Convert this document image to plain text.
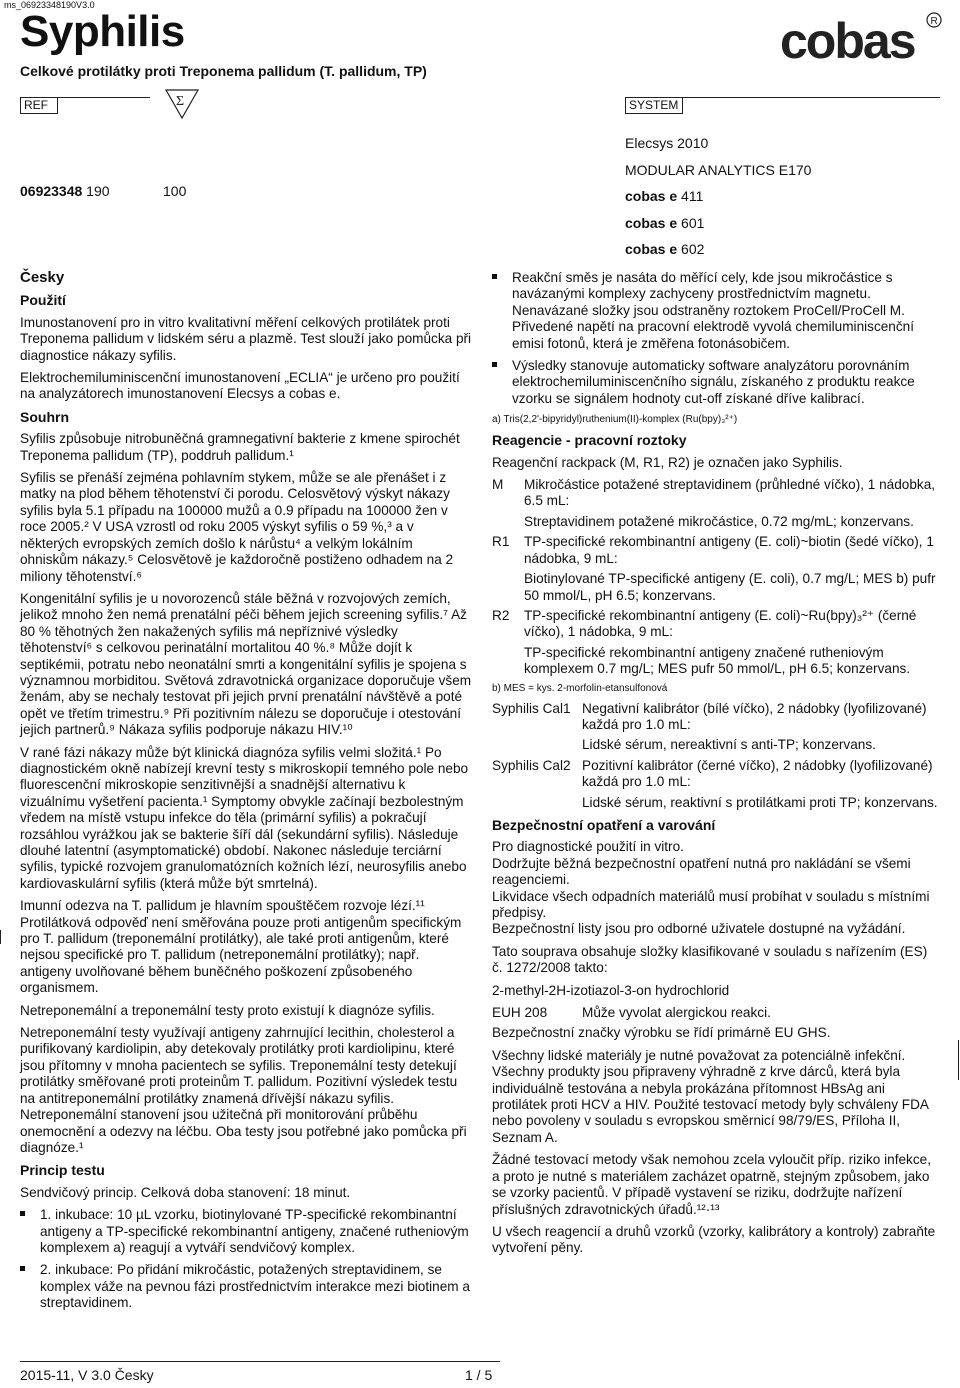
ms_06923348190V3.0
Syphilis
Celkové protilátky proti Treponema pallidum (T. pallidum, TP)
cobas R
REF	Σ	SYSTEM
06923348 190	100
Elecsys 2010
MODULAR ANALYTICS E170
cobas e 411
cobas e 601
cobas e 602

Česky

Použití

Imunostanovení pro in vitro kvalitativní měření celkových protilátek proti Treponema pallidum v lidském séru a plazmě. Test slouží jako pomůcka při diagnostice nákazy syfilis.

Elektrochemiluminiscenční imunostanovení „ECLIA“ je určeno pro použití na analyzátorech imunostanovení Elecsys a cobas e.

Souhrn

Syfilis způsobuje nitrobuněčná gramnegativní bakterie z kmene spirochét Treponema pallidum (TP), poddruh pallidum.¹

Syfilis se přenáší zejména pohlavním stykem, může se ale přenášet i z matky na plod během těhotenství či porodu. Celosvětový výskyt nákazy syfilis byla 5.1 případu na 100000 mužů a 0.9 případu na 100000 žen v roce 2005.² V USA vzrostl od roku 2005 výskyt syfilis o 59 %,³ a v některých evropských zemích došlo k nárůstu⁴ a velkým lokálním ohniskům nákazy.⁵ Celosvětově je každoročně postiženo odhadem na 2 miliony těhotenství.⁶

Kongenitální syfilis je u novorozenců stále běžná v rozvojových zemích, jelikož mnoho žen nemá prenatální péči během jejich screening syfilis.⁷ Až 80 % těhotných žen nakažených syfilis má nepříznivé výsledky těhotenství⁶ s celkovou perinatální mortalitou 40 %.⁸ Může dojít k septikémii, potratu nebo neonatální smrti a kongenitální syfilis je spojena s významnou morbiditou. Světová zdravotnická organizace doporučuje všem ženám, aby se nechaly testovat při jejich první prenatální návštěvě a poté opět ve třetím trimestru.⁹ Při pozitivním nálezu se doporučuje i otestování jejich partnerů.⁹ Nákaza syfilis podporuje nákazu HIV.¹⁰

V rané fázi nákazy může být klinická diagnóza syfilis velmi složitá.¹ Po diagnostickém okně nabízejí krevní testy s mikroskopií temného pole nebo fluorescenční mikroskopie senzitivnější a snadnější alternativu k vizuálnímu vyšetření pacienta.¹ Symptomy obvykle začínají bezbolestným vředem na místě vstupu infekce do těla (primární syfilis) a pokračují rozsáhlou vyrážkou jak se bakterie šíří dál (sekundární syfilis). Následuje dlouhé latentní (asymptomatické) období. Nakonec následuje terciární syfilis, typické rozvojem granulomatózních kožních lézí, neurosyfilis anebo kardiovaskulární syfilis (která může být smrtelná).

Imunní odezva na T. pallidum je hlavním spouštěčem rozvoje lézí.¹¹ Protilátková odpověď není směřována pouze proti antigenům specifickým pro T. pallidum (treponemální protilátky), ale také proti antigenům, které nejsou specifické pro T. pallidum (netreponemální protilátky); např. antigeny uvolňované během buněčného poškození způsobeného organismem.

Netreponemální a treponemální testy proto existují k diagnóze syfilis.

Netreponemální testy využívají antigeny zahrnující lecithin, cholesterol a purifikovaný kardiolipin, aby detekovaly protilátky proti kardiolipinu, které jsou přítomny v mnoha pacientech se syfilis. Treponemální testy detekují protilátky směřované proti proteinům T. pallidum. Pozitivní výsledek testu na antitreponemální protilátky znamená dřívější nákazu syfilis. Netreponemální stanovení jsou užitečná při monitorování průběhu onemocnění a odezvy na léčbu. Oba testy jsou potřebné jako pomůcka při diagnóze.¹

Princip testu

Sendvičový princip. Celková doba stanovení: 18 minut.

1. inkubace: 10 µL vzorku, biotinylované TP-specifické rekombinantní antigeny a TP-specifické rekombinantní antigeny, značené rutheniovým komplexem a) reagují a vytváří sendvičový komplex.
2. inkubace: Po přidání mikročástic, potažených streptavidinem, se komplex váže na pevnou fázi prostřednictvím interakce mezi biotinem a streptavidinem.
Reakční směs je nasáta do měřící cely, kde jsou mikročástice s navázanými komplexy zachyceny prostřednictvím magnetu. Nenavázané složky jsou odstraněny roztokem ProCell/ProCell M. Přivedené napětí na pracovní elektrodě vyvolá chemiluminiscenční emisi fotonů, která je změřena fotonásobičem.
Výsledky stanovuje automaticky software analyzátoru porovnáním elektrochemiluminiscenčního signálu, získaného z produktu reakce vzorku se signálem hodnoty cut-off získané dříve kalibrací.

a) Tris(2,2'-bipyridyl)ruthenium(II)-komplex (Ru(bpy)₃²⁺)

Reagencie - pracovní roztoky

Reagenční rackpack (M, R1, R2) je označen jako Syphilis.

M Mikročástice potažené streptavidinem (průhledné víčko), 1 nádobka, 6.5 mL:
Streptavidinem potažené mikročástice, 0.72 mg/mL; konzervans.
R1 TP-specifické rekombinantní antigeny (E. coli)~biotin (šedé víčko), 1 nádobka, 9 mL:
Biotinylované TP-specifické antigeny (E. coli), 0.7 mg/L; MES b) pufr 50 mmol/L, pH 6.5; konzervans.
R2 TP-specifické rekombinantní antigeny (E. coli)~Ru(bpy)₃²⁺ (černé víčko), 1 nádobka, 9 mL:
TP-specifické rekombinantní antigeny značené rutheniovým komplexem 0.7 mg/L; MES pufr 50 mmol/L, pH 6.5; konzervans.

b) MES = kys. 2-morfolin-etansulfonová

Syphilis Cal1 Negativní kalibrátor (bílé víčko), 2 nádobky (lyofilizované) každá pro 1.0 mL:
Lidské sérum, nereaktivní s anti-TP; konzervans.
Syphilis Cal2 Pozitivní kalibrátor (černé víčko), 2 nádobky (lyofilizované) každá pro 1.0 mL:
Lidské sérum, reaktivní s protilátkami proti TP; konzervans.

Bezpečnostní opatření a varování

Pro diagnostické použití in vitro.

Dodržujte běžná bezpečnostní opatření nutná pro nakládání se všemi reagenciemi.

Likvidace všech odpadních materiálů musí probíhat v souladu s místními předpisy.

Bezpečnostní listy jsou pro odborné uživatele dostupné na vyžádání.

Tato souprava obsahuje složky klasifikované v souladu s nařízením (ES) č. 1272/2008 takto:

2-methyl-2H-izotiazol-3-on hydrochlorid

EUH 208	Může vyvolat alergickou reakci.

Bezpečnostní značky výrobku se řídí primárně EU GHS.

Všechny lidské materiály je nutné považovat za potenciálně infekční. Všechny produkty jsou připraveny výhradně z krve dárců, která byla individuálně testována a nebyla prokázána přítomnost HBsAg ani protilátek proti HCV a HIV. Použité testovací metody byly schváleny FDA nebo povoleny v souladu s evropskou směrnicí 98/79/ES, Příloha II, Seznam A.

Žádné testovací metody však nemohou zcela vyloučit příp. riziko infekce, a proto je nutné s materiálem zacházet opatrně, stejným způsobem, jako se vzorky pacientů. V případě vystavení se riziku, dodržujte nařízení příslušných zdravotnických úřadů.¹²·¹³

U všech reagencií a druhů vzorků (vzorky, kalibrátory a kontroly) zabraňte vytvoření pěny.

2015-11, V 3.0 Česky	1 / 5
